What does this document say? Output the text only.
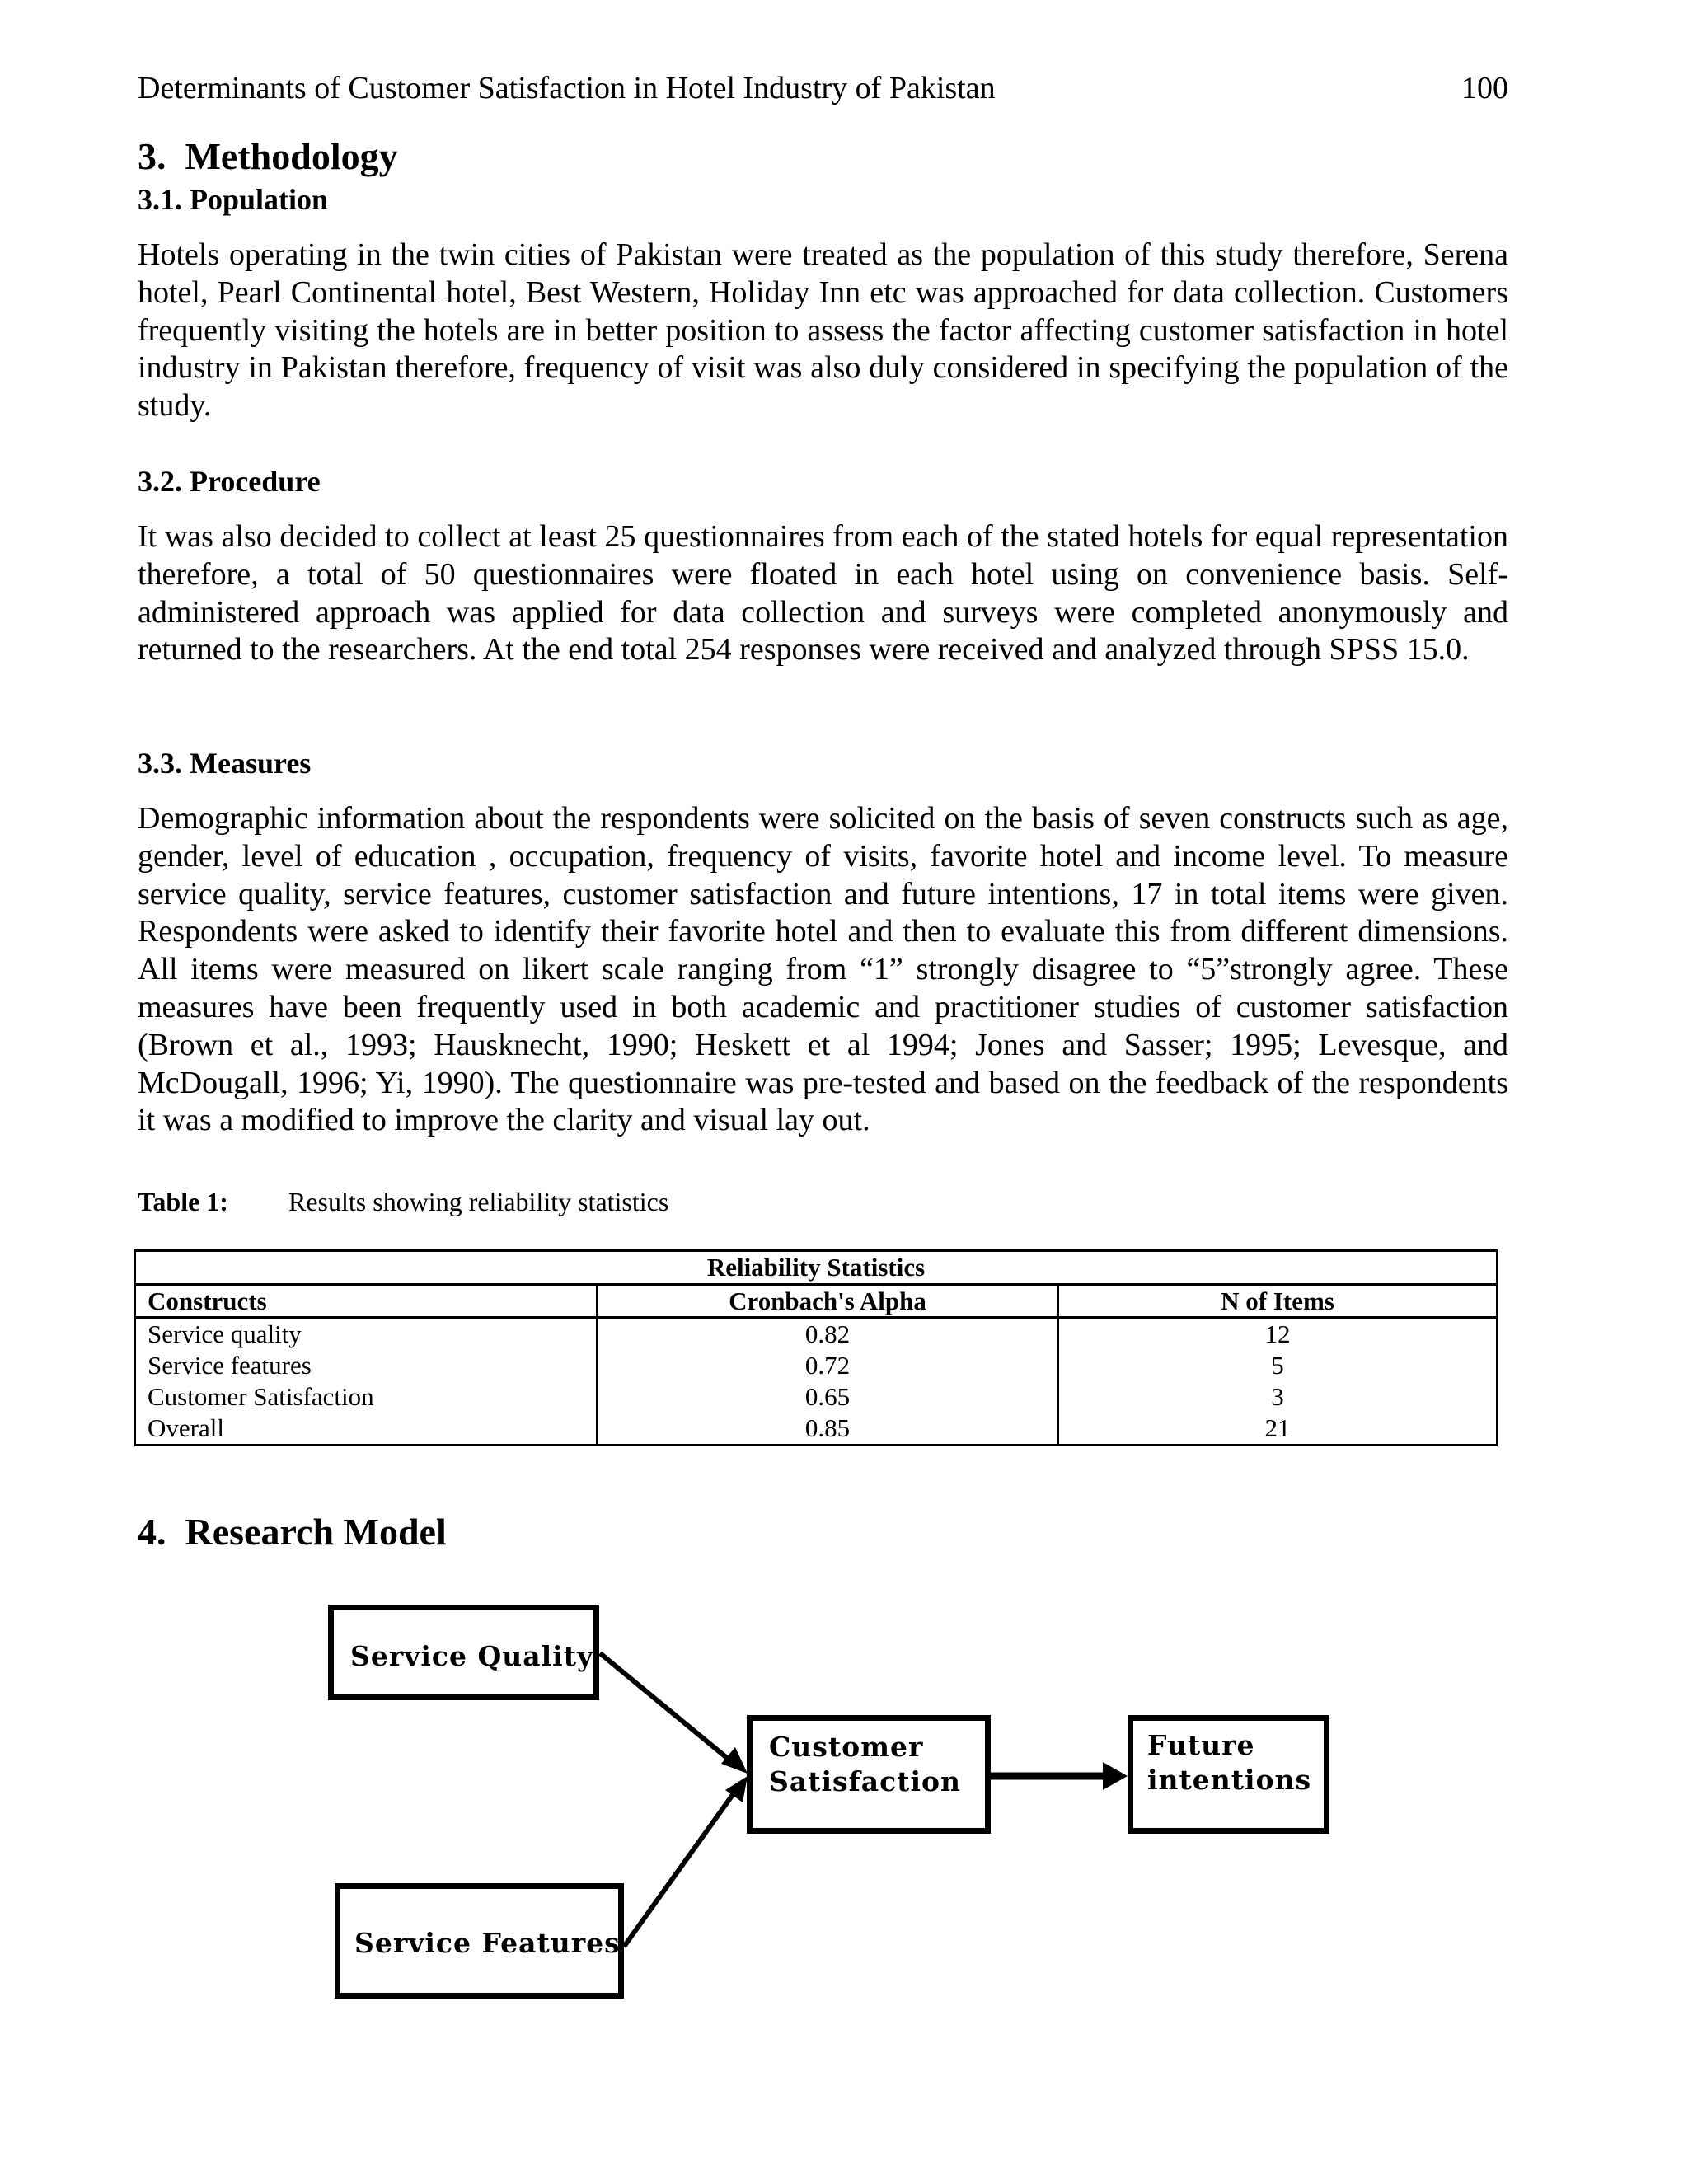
Determinants of Customer Satisfaction in Hotel Industry of Pakistan	100
3.  Methodology
3.1. Population
Hotels operating in the twin cities of Pakistan were treated as the population of this study therefore, Serena hotel, Pearl Continental hotel, Best Western, Holiday Inn etc was approached for data collection. Customers frequently visiting the hotels are in better position to assess the factor affecting customer satisfaction in hotel industry in Pakistan therefore, frequency of visit was also duly considered in specifying the population of the study.
3.2. Procedure
It was also decided to collect at least 25 questionnaires from each of the stated hotels for equal representation therefore, a total of 50 questionnaires were floated in each hotel using on convenience basis. Self-administered approach was applied for data collection and surveys were completed anonymously and returned to the researchers. At the end total 254 responses were received and analyzed through SPSS 15.0.
3.3. Measures
Demographic information about the respondents were solicited on the basis of seven constructs such as age, gender, level of education , occupation, frequency of visits, favorite hotel and income level. To measure service quality, service features, customer satisfaction and future intentions, 17 in total items were given. Respondents were asked to identify their favorite hotel and then to evaluate this from different dimensions. All items were measured on likert scale ranging from “1” strongly disagree to “5”strongly agree. These measures have been frequently used in both academic and practitioner studies of customer satisfaction (Brown et al., 1993; Hausknecht, 1990; Heskett et al 1994; Jones and Sasser; 1995; Levesque, and McDougall, 1996; Yi, 1990). The questionnaire was pre-tested and based on the feedback of the respondents it was a modified to improve the clarity and visual lay out.
Table 1: Results showing reliability statistics
Reliability Statistics		
Constructs	Cronbach's Alpha	N of Items
Service quality	0.82	12
Service features	0.72	5
Customer Satisfaction	0.65	3
Overall	0.85	21
4.  Research Model
Service Quality
Customer
Satisfaction
Future
intentions
Service Features
